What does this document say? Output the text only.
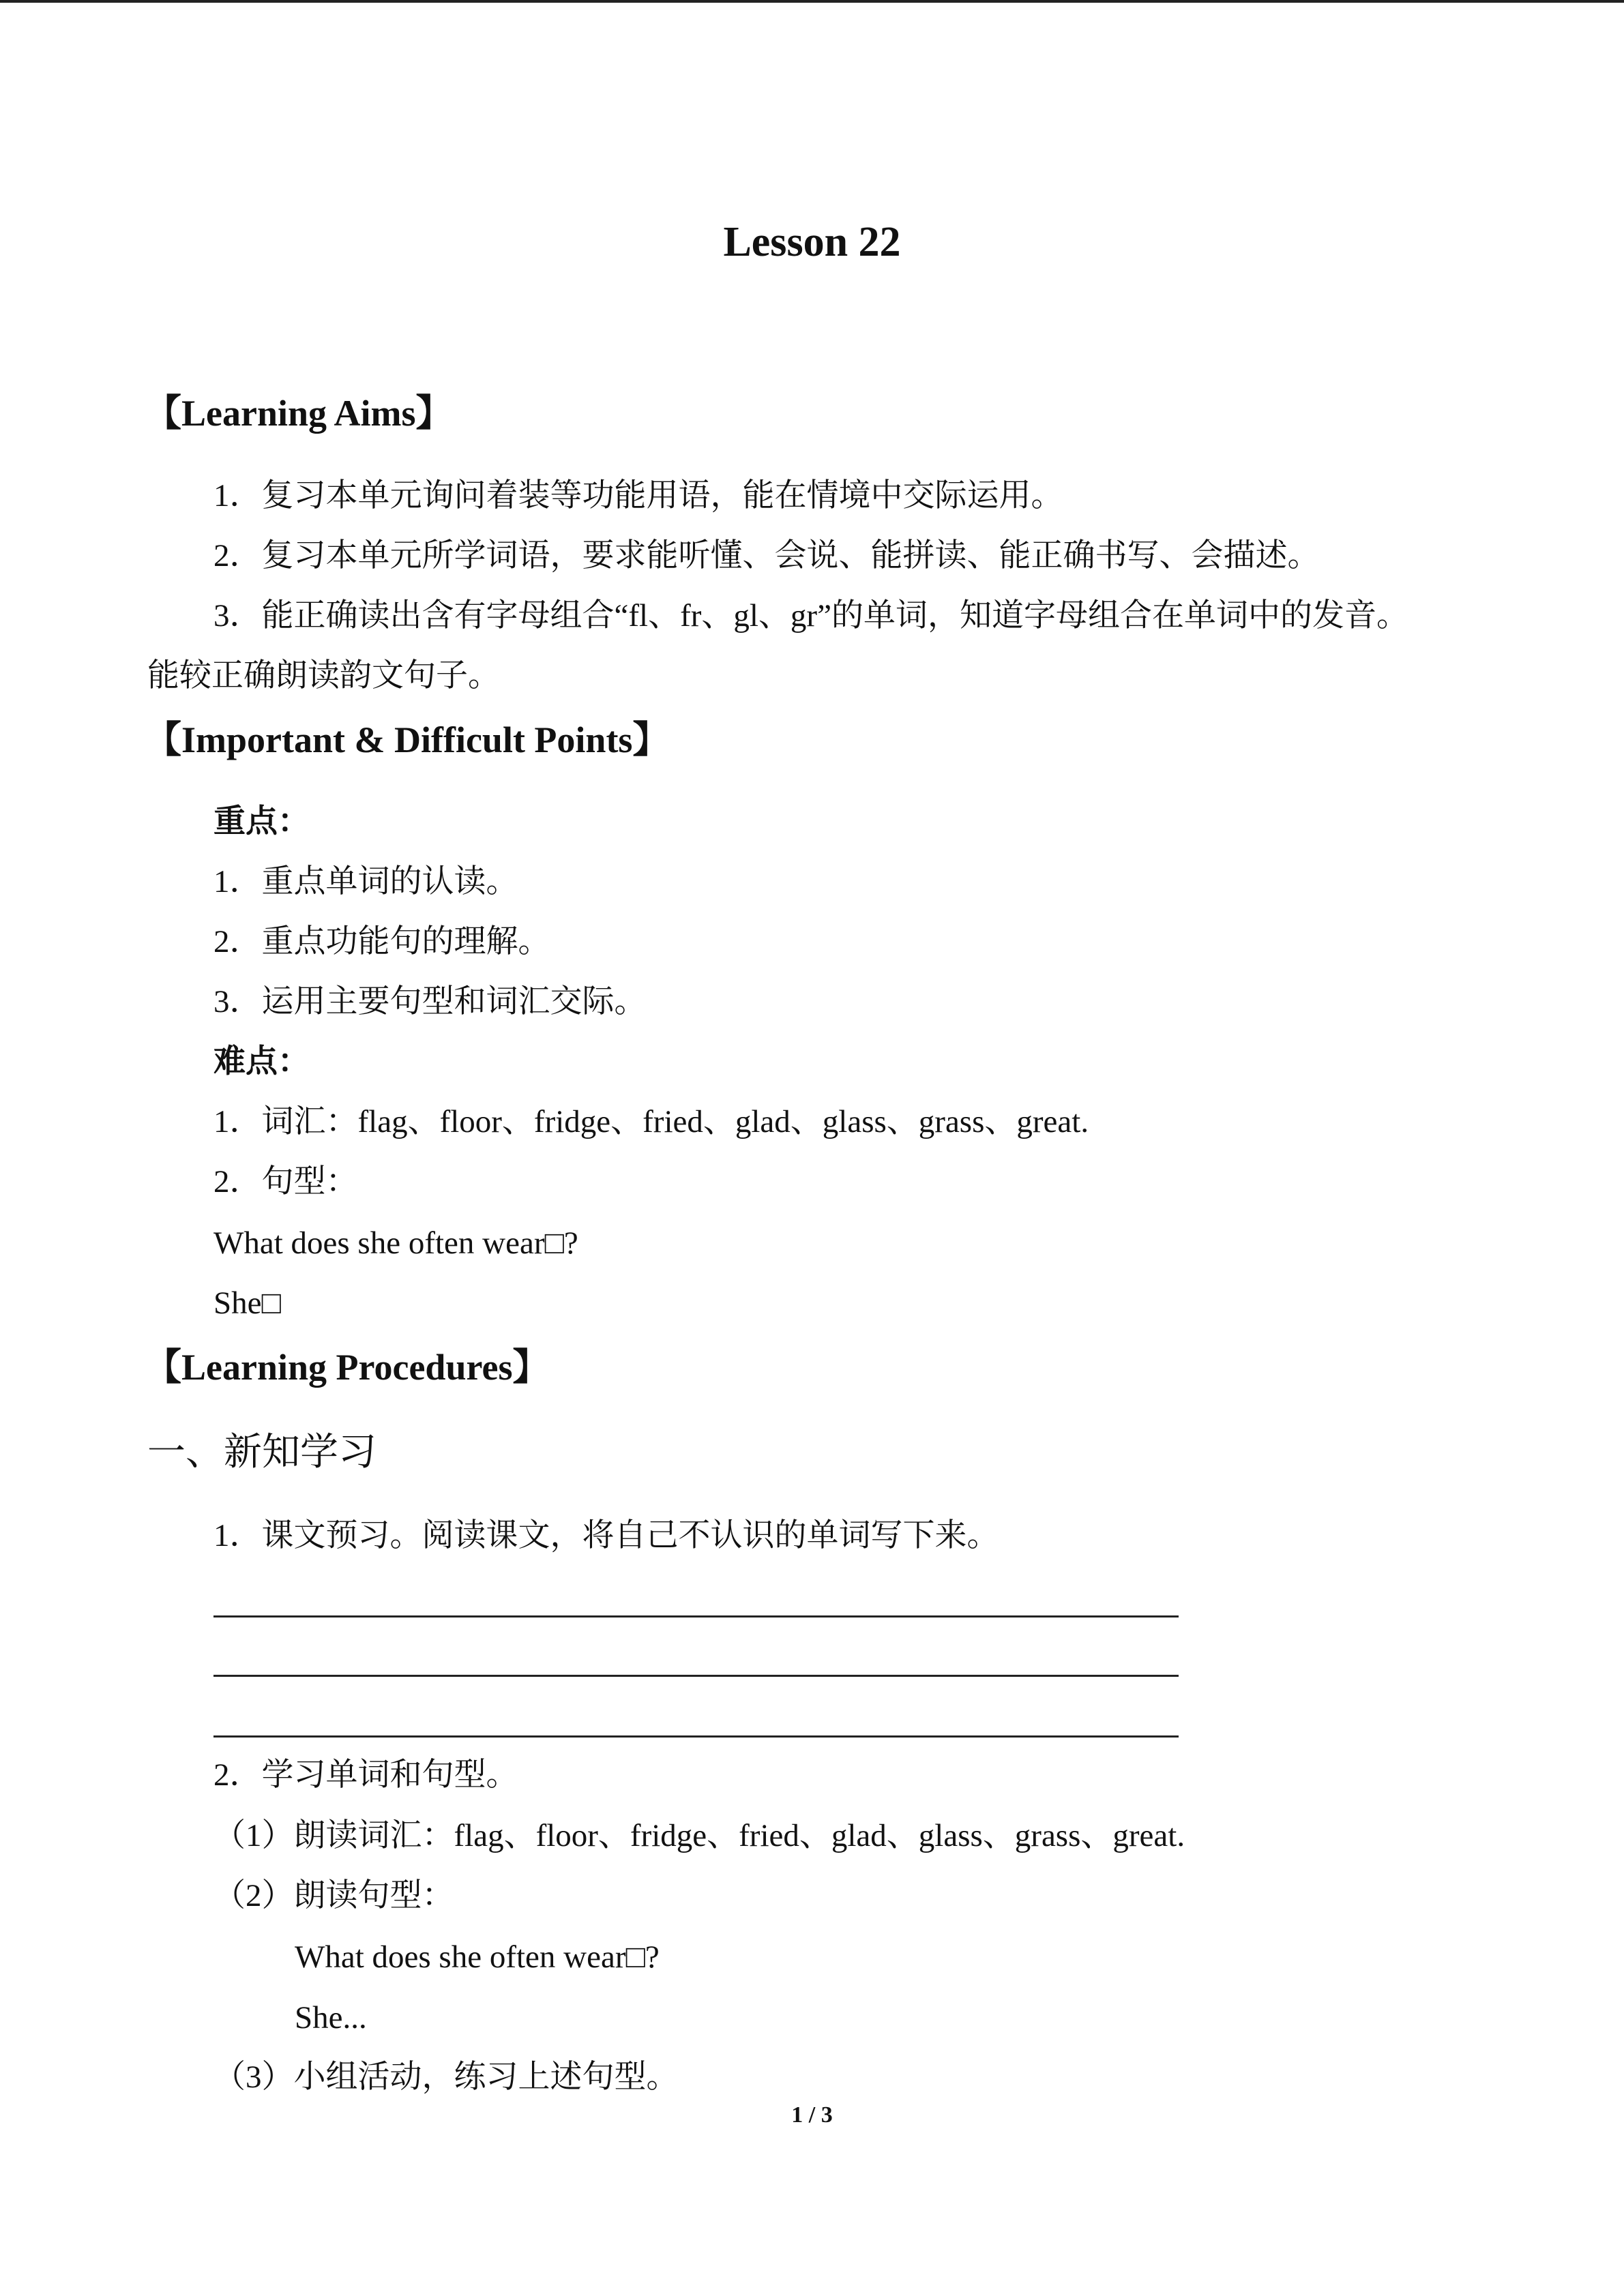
Lesson 22
【Learning Aims】
1．复习本单元询问着装等功能用语，能在情境中交际运用。
2．复习本单元所学词语，要求能听懂、会说、能拼读、能正确书写、会描述。
3．能正确读出含有字母组合“fl、fr、gl、gr”的单词，知道字母组合在单词中的发音。
能较正确朗读韵文句子。
【Important & Difficult Points】
重点：
1．重点单词的认读。
2．重点功能句的理解。
3．运用主要句型和词汇交际。
难点：
1．词汇：flag、floor、fridge、fried、glad、glass、grass、great.
2．句型：
What does she often wear□?
She□
【Learning Procedures】
一、新知学习
1．课文预习。阅读课文，将自己不认识的单词写下来。
2．学习单词和句型。
（1）朗读词汇：flag、floor、fridge、fried、glad、glass、grass、great.
（2）朗读句型：
What does she often wear□?
She...
（3）小组活动，练习上述句型。
1 / 3
